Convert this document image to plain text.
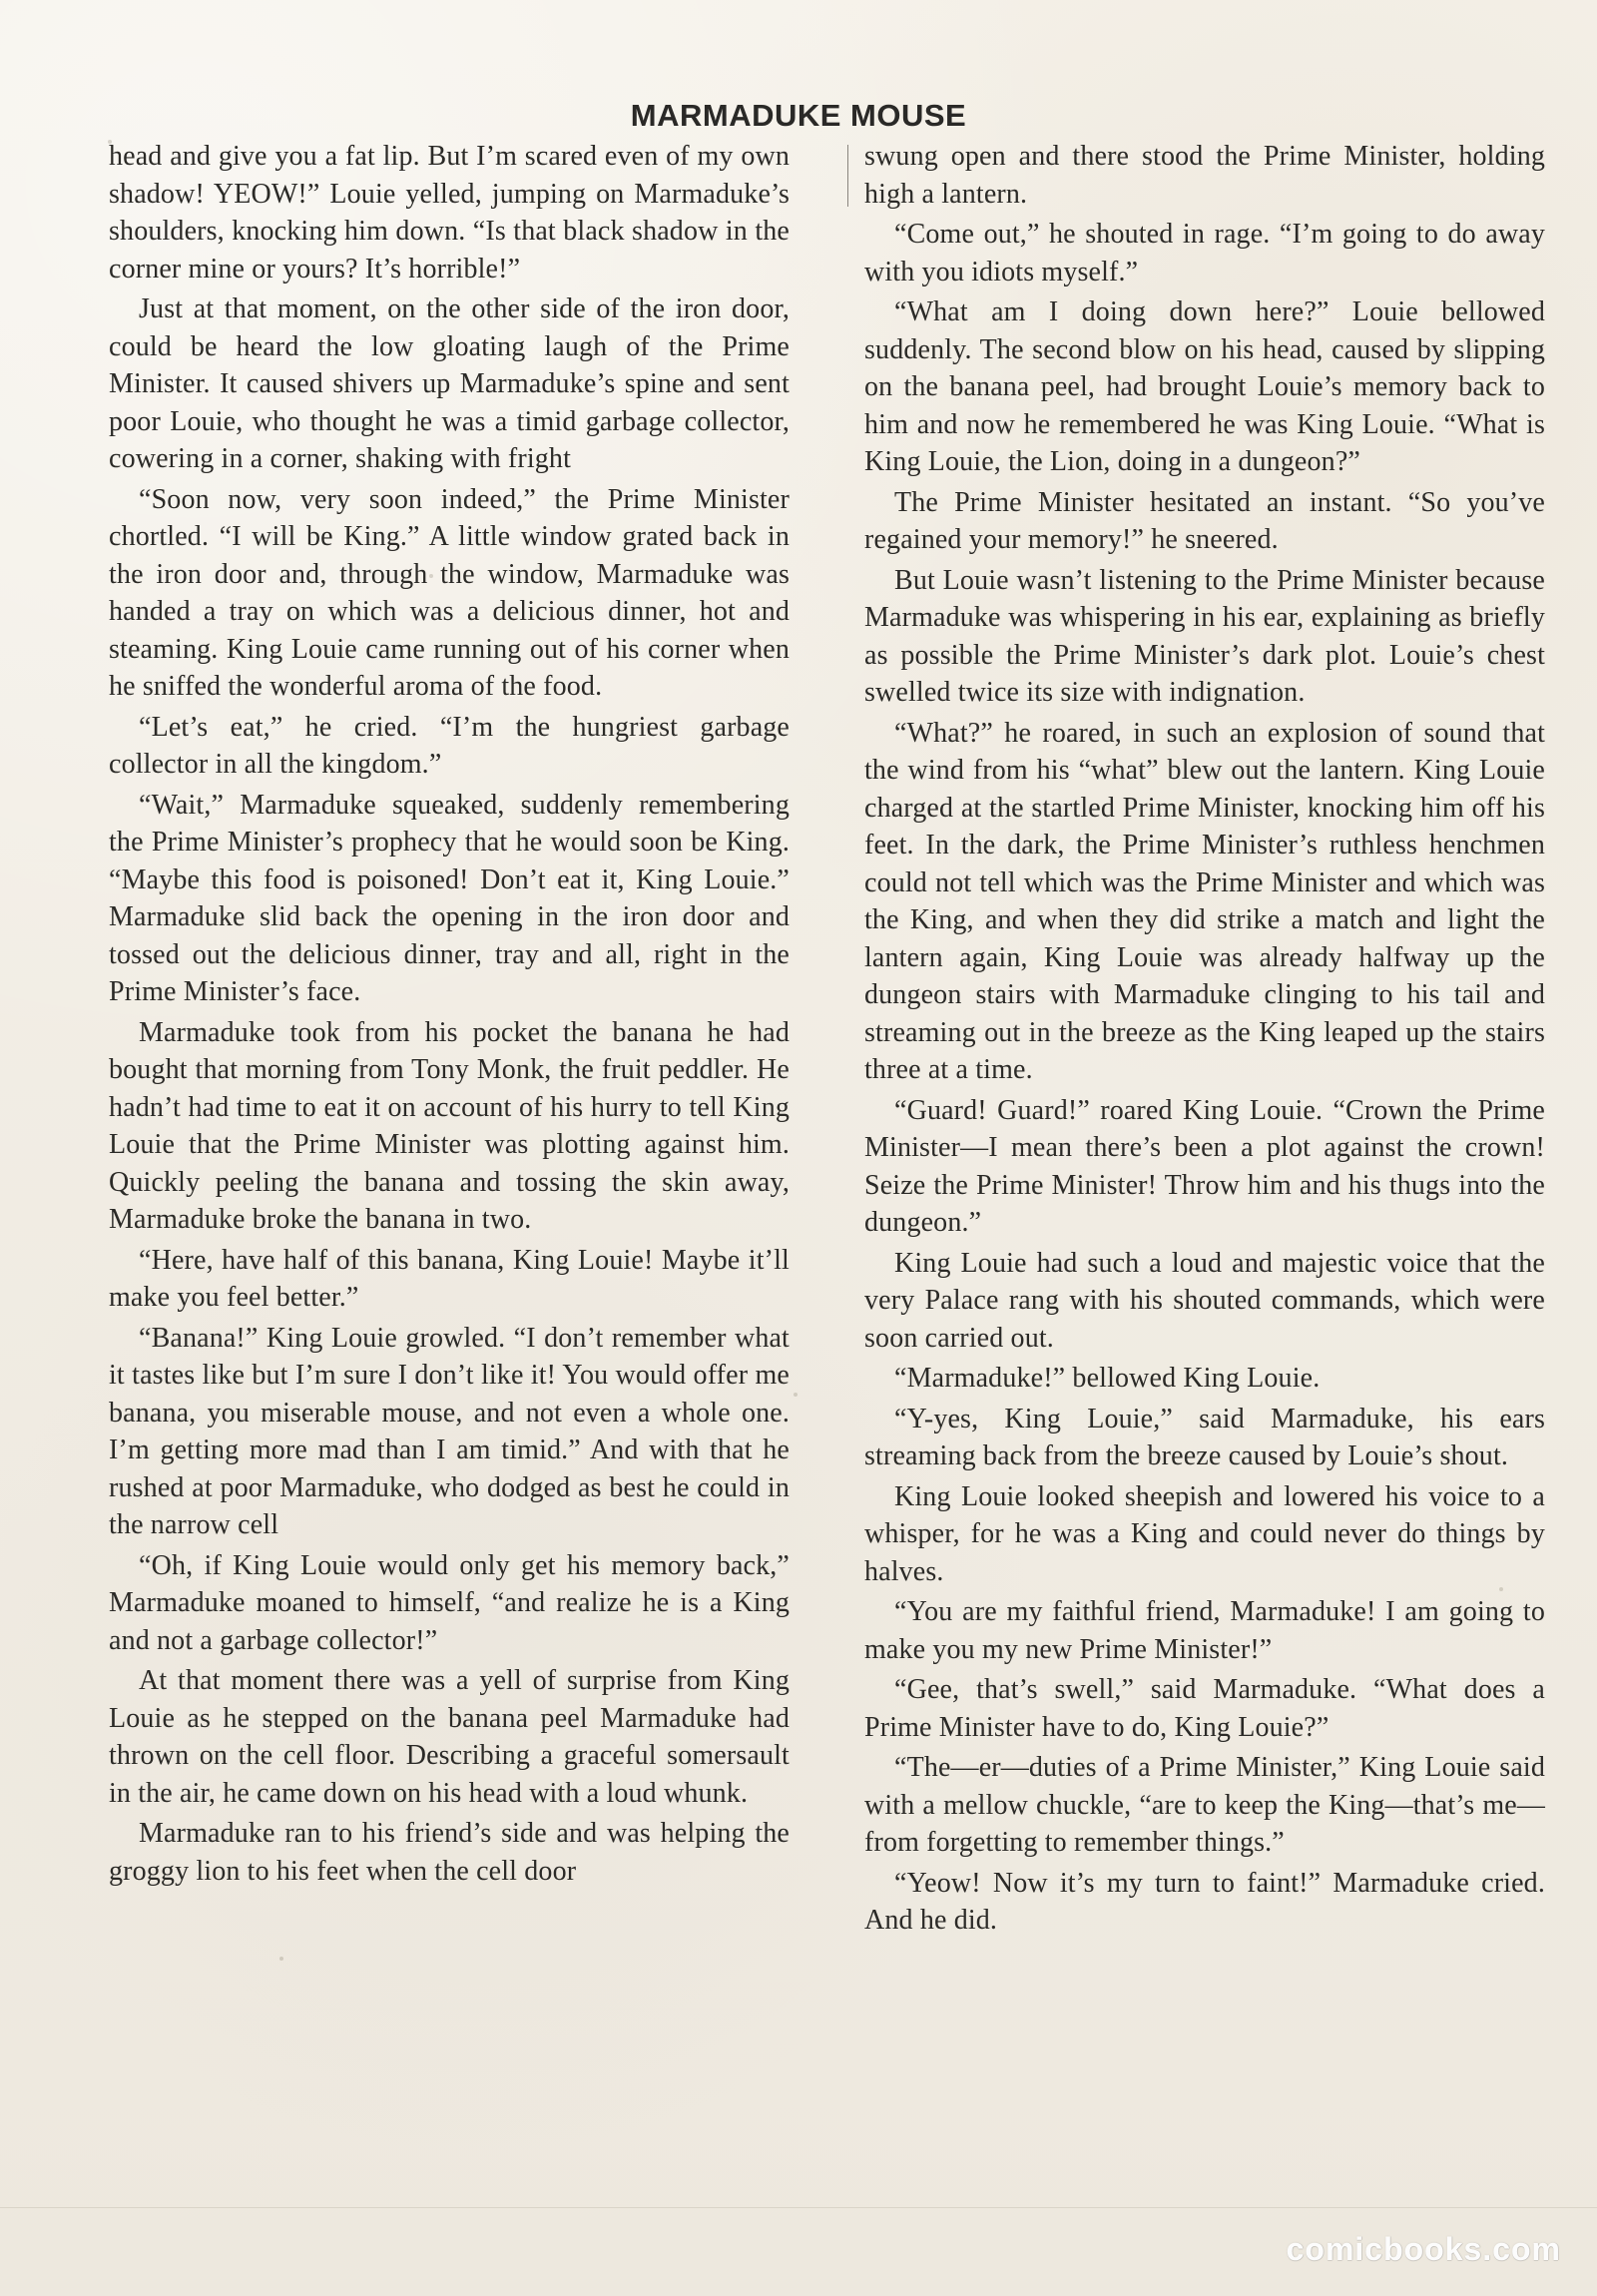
MARMADUKE MOUSE

head and give you a fat lip. But I’m scared even of my own shadow! YEOW!” Louie yelled, jumping on Marmaduke’s shoulders, knocking him down. “Is that black shadow in the corner mine or yours? It’s horrible!”

Just at that moment, on the other side of the iron door, could be heard the low gloating laugh of the Prime Minister. It caused shivers up Marmaduke’s spine and sent poor Louie, who thought he was a timid garbage collector, cowering in a corner, shaking with fright

“Soon now, very soon indeed,” the Prime Minister chortled. “I will be King.” A little window grated back in the iron door and, through the window, Marmaduke was handed a tray on which was a delicious dinner, hot and steaming. King Louie came running out of his corner when he sniffed the wonderful aroma of the food.

“Let’s eat,” he cried. “I’m the hungriest garbage collector in all the kingdom.”

“Wait,” Marmaduke squeaked, suddenly remembering the Prime Minister’s prophecy that he would soon be King. “Maybe this food is poisoned! Don’t eat it, King Louie.” Marmaduke slid back the opening in the iron door and tossed out the delicious dinner, tray and all, right in the Prime Minister’s face.

Marmaduke took from his pocket the banana he had bought that morning from Tony Monk, the fruit peddler. He hadn’t had time to eat it on account of his hurry to tell King Louie that the Prime Minister was plotting against him. Quickly peeling the banana and tossing the skin away, Marmaduke broke the banana in two.

“Here, have half of this banana, King Louie! Maybe it’ll make you feel better.”

“Banana!” King Louie growled. “I don’t remember what it tastes like but I’m sure I don’t like it! You would offer me banana, you miserable mouse, and not even a whole one. I’m getting more mad than I am timid.” And with that he rushed at poor Marmaduke, who dodged as best he could in the narrow cell

“Oh, if King Louie would only get his memory back,” Marmaduke moaned to himself, “and realize he is a King and not a garbage collector!”

At that moment there was a yell of surprise from King Louie as he stepped on the banana peel Marmaduke had thrown on the cell floor. Describing a graceful somersault in the air, he came down on his head with a loud whunk.

Marmaduke ran to his friend’s side and was helping the groggy lion to his feet when the cell door

swung open and there stood the Prime Minister, holding high a lantern.

“Come out,” he shouted in rage. “I’m going to do away with you idiots myself.”

“What am I doing down here?” Louie bellowed suddenly. The second blow on his head, caused by slipping on the banana peel, had brought Louie’s memory back to him and now he remembered he was King Louie. “What is King Louie, the Lion, doing in a dungeon?”

The Prime Minister hesitated an instant. “So you’ve regained your memory!” he sneered.

But Louie wasn’t listening to the Prime Minister because Marmaduke was whispering in his ear, explaining as briefly as possible the Prime Minister’s dark plot. Louie’s chest swelled twice its size with indignation.

“What?” he roared, in such an explosion of sound that the wind from his “what” blew out the lantern. King Louie charged at the startled Prime Minister, knocking him off his feet. In the dark, the Prime Minister’s ruthless henchmen could not tell which was the Prime Minister and which was the King, and when they did strike a match and light the lantern again, King Louie was already halfway up the dungeon stairs with Marmaduke clinging to his tail and streaming out in the breeze as the King leaped up the stairs three at a time.

“Guard! Guard!” roared King Louie. “Crown the Prime Minister—I mean there’s been a plot against the crown! Seize the Prime Minister! Throw him and his thugs into the dungeon.”

King Louie had such a loud and majestic voice that the very Palace rang with his shouted commands, which were soon carried out.

“Marmaduke!” bellowed King Louie.

“Y-yes, King Louie,” said Marmaduke, his ears streaming back from the breeze caused by Louie’s shout.

King Louie looked sheepish and lowered his voice to a whisper, for he was a King and could never do things by halves.

“You are my faithful friend, Marmaduke! I am going to make you my new Prime Minister!”

“Gee, that’s swell,” said Marmaduke. “What does a Prime Minister have to do, King Louie?”

“The—er—duties of a Prime Minister,” King Louie said with a mellow chuckle, “are to keep the King—that’s me—from forgetting to remember things.”

“Yeow! Now it’s my turn to faint!” Marmaduke cried. And he did.

comicbooks.com
